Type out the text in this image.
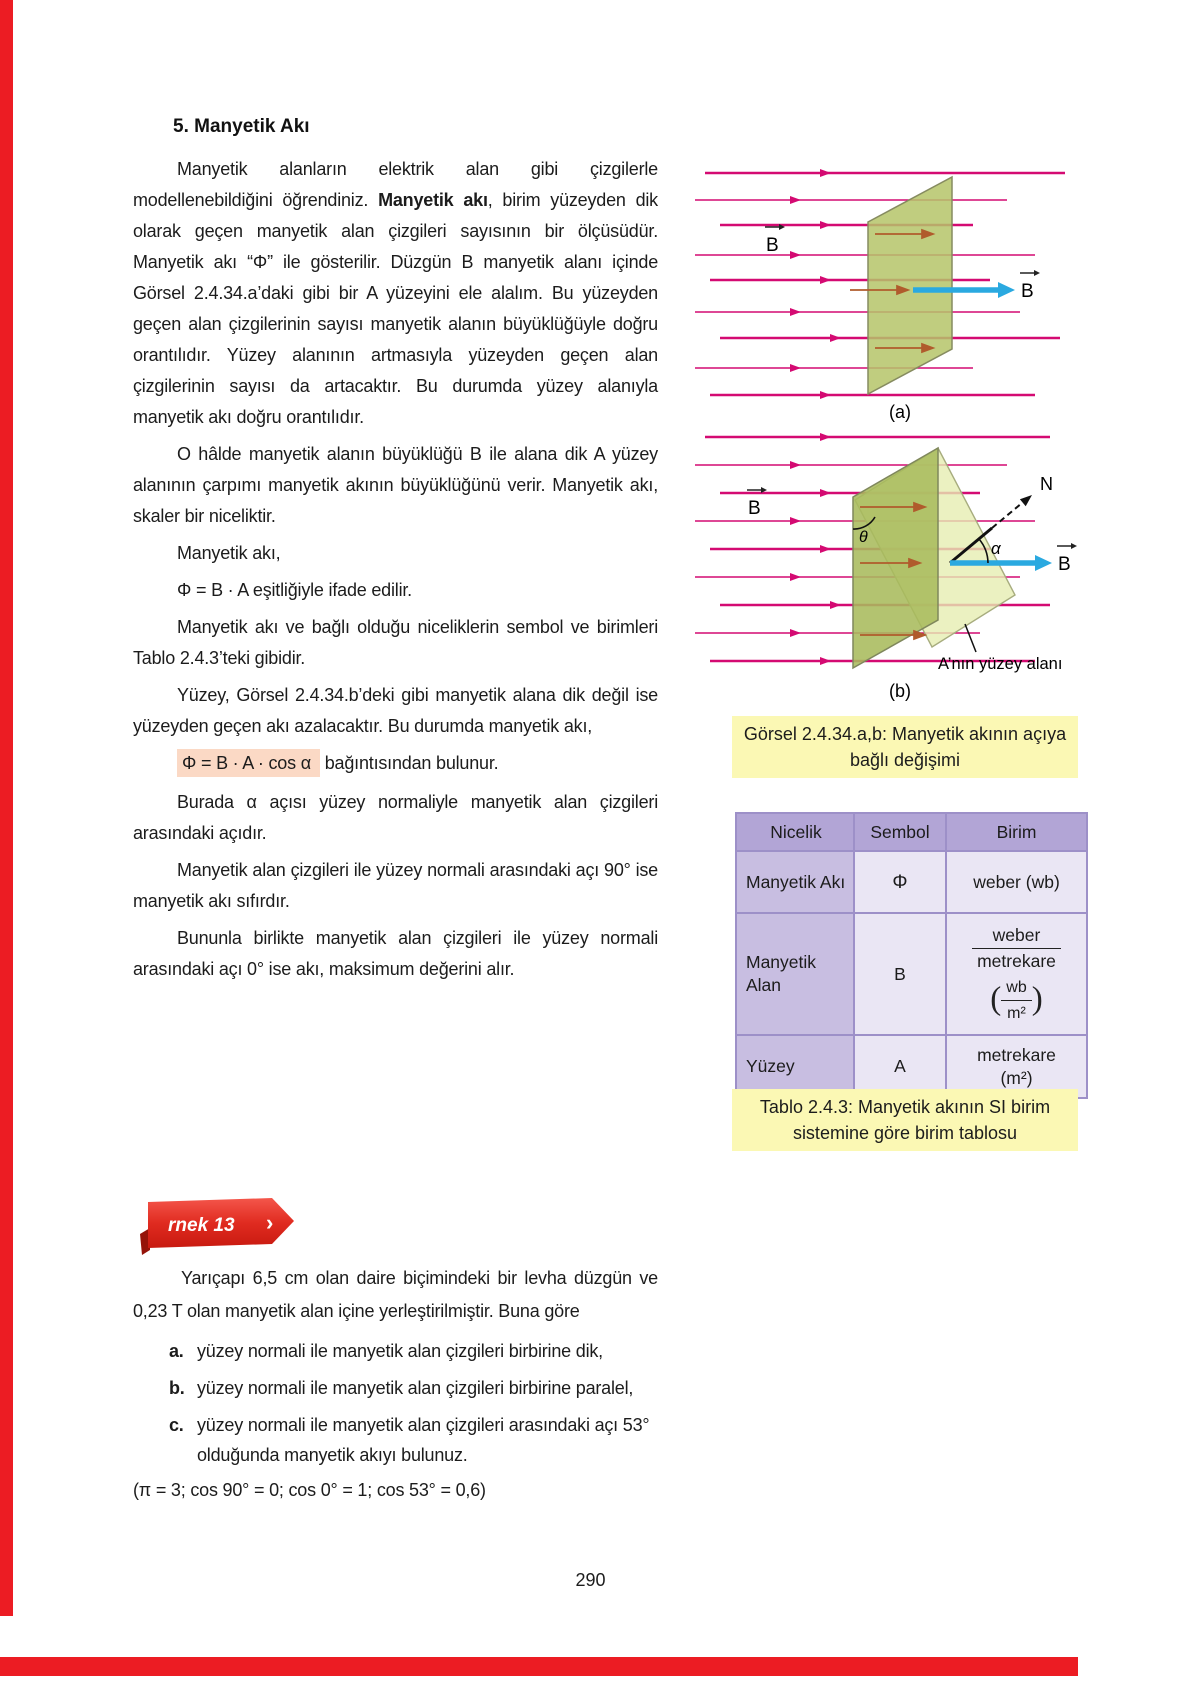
5. Manyetik Akı

Manyetik alanların elektrik alan gibi çizgilerle modellenebildiğini öğrendiniz. Manyetik akı, birim yüzeyden dik olarak geçen manyetik alan çizgileri sayısının bir ölçüsüdür. Manyetik akı “Φ” ile gösterilir. Düzgün B manyetik alanı içinde Görsel 2.4.34.a’daki gibi bir A yüzeyini ele alalım. Bu yüzeyden geçen alan çizgilerinin sayısı manyetik alanın büyüklüğüyle doğru orantılıdır. Yüzey alanının artmasıyla yüzeyden geçen alan çizgilerinin sayısı da artacaktır. Bu durumda yüzey alanıyla manyetik akı doğru orantılıdır.

O hâlde manyetik alanın büyüklüğü B ile alana dik A yüzey alanının çarpımı manyetik akının büyüklüğünü verir. Manyetik akı, skaler bir niceliktir.

Manyetik akı,

Φ = B · A eşitliğiyle ifade edilir.

Manyetik akı ve bağlı olduğu niceliklerin sembol ve birimleri Tablo 2.4.3’teki gibidir.

Yüzey, Görsel 2.4.34.b’deki gibi manyetik alana dik değil ise yüzeyden geçen akı azalacaktır. Bu durumda manyetik akı,

Φ = B · A · cos α bağıntısından bulunur.

Burada α açısı yüzey normaliyle manyetik alan çizgileri arasındaki açıdır.

Manyetik alan çizgileri ile yüzey normali arasındaki açı 90° ise manyetik akı sıfırdır.

Bununla birlikte manyetik alan çizgileri ile yüzey normali arasındaki açı 0° ise akı, maksimum değerini alır.

B
B
(a)
N
B
α
θ
B
A’nın yüzey alanı
(b)
Görsel 2.4.34.a,b: Manyetik akının açıya bağlı değişimi
Nicelik	Sembol	Birim
Manyetik Akı	Φ	weber (wb)
Manyetik Alan	B	
$\frac{\text{weber}}{\text{metrekare}}$
( $\frac{wb}{\text{m²}}$ )

Yüzey	A	metrekare
(m²)
Tablo 2.4.3: Manyetik akının SI birim sistemine göre birim tablosu
›
rnek 13

Yarıçapı 6,5 cm olan daire biçimindeki bir levha düzgün ve 0,23 T olan manyetik alan içine yerleştirilmiştir. Buna göre

a. yüzey normali ile manyetik alan çizgileri birbirine dik,
b. yüzey normali ile manyetik alan çizgileri birbirine paralel,
c. yüzey normali ile manyetik alan çizgileri arasındaki açı 53° olduğunda manyetik akıyı bulunuz.
(π = 3; cos 90° = 0; cos 0° = 1; cos 53° = 0,6)
290
